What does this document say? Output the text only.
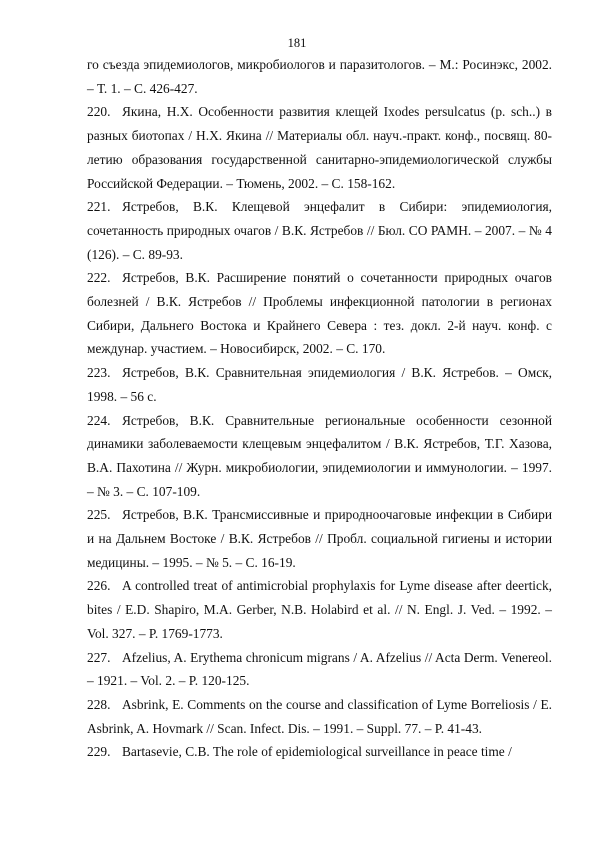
181

го съезда эпидемиологов, микробиологов и паразитологов. – М.: Росинэкс, 2002. – Т. 1. – С. 426-427.

220. Якина, Н.Х. Особенности развития клещей Ixodes persulcatus (p. sch..) в разных биотопах / Н.Х. Якина // Материалы обл. науч.-практ. конф., посвящ. 80-летию образования государственной санитарно-эпидемиологической службы Российской Федерации. – Тюмень, 2002. – С. 158-162.

221. Ястребов, В.К. Клещевой энцефалит в Сибири: эпидемиология, сочетанность природных очагов / В.К. Ястребов // Бюл. СО РАМН. – 2007. – № 4 (126). – С. 89-93.

222. Ястребов, В.К. Расширение понятий о сочетанности природных очагов болезней / В.К. Ястребов // Проблемы инфекционной патологии в регионах Сибири, Дальнего Востока и Крайнего Севера : тез. докл. 2-й науч. конф. с междунар. участием. – Новосибирск, 2002. – С. 170.

223. Ястребов, В.К. Сравнительная эпидемиология / В.К. Ястребов. – Омск, 1998. – 56 с.

224. Ястребов, В.К. Сравнительные региональные особенности сезонной динамики заболеваемости клещевым энцефалитом / В.К. Ястребов, Т.Г. Хазова, В.А. Пахотина // Журн. микробиологии, эпидемиологии и иммунологии. – 1997. – № 3. – С. 107-109.

225. Ястребов, В.К. Трансмиссивные и природноочаговые инфекции в Сибири и на Дальнем Востоке / В.К. Ястребов // Пробл. социальной гигиены и истории медицины. – 1995. – № 5. – С. 16-19.

226. A controlled treat of antimicrobial prophylaxis for Lyme disease after deertick, bites / E.D. Shapiro, M.A. Gerber, N.B. Holabird et al. // N. Engl. J. Ved. – 1992. –Vol. 327. – P. 1769-1773.

227. Afzelius, A. Erythema chronicum migrans / A. Afzelius // Acta Derm. Venereol. – 1921. – Vol. 2. – P. 120-125.

228. Asbrink, E. Comments on the course and classification of Lyme Borreliosis / E. Asbrink, A. Hovmark // Scan. Infect. Dis. – 1991. – Suppl. 77. – P. 41-43.

229. Bartasevie, C.B. The role of epidemiological surveillance in peace time /
